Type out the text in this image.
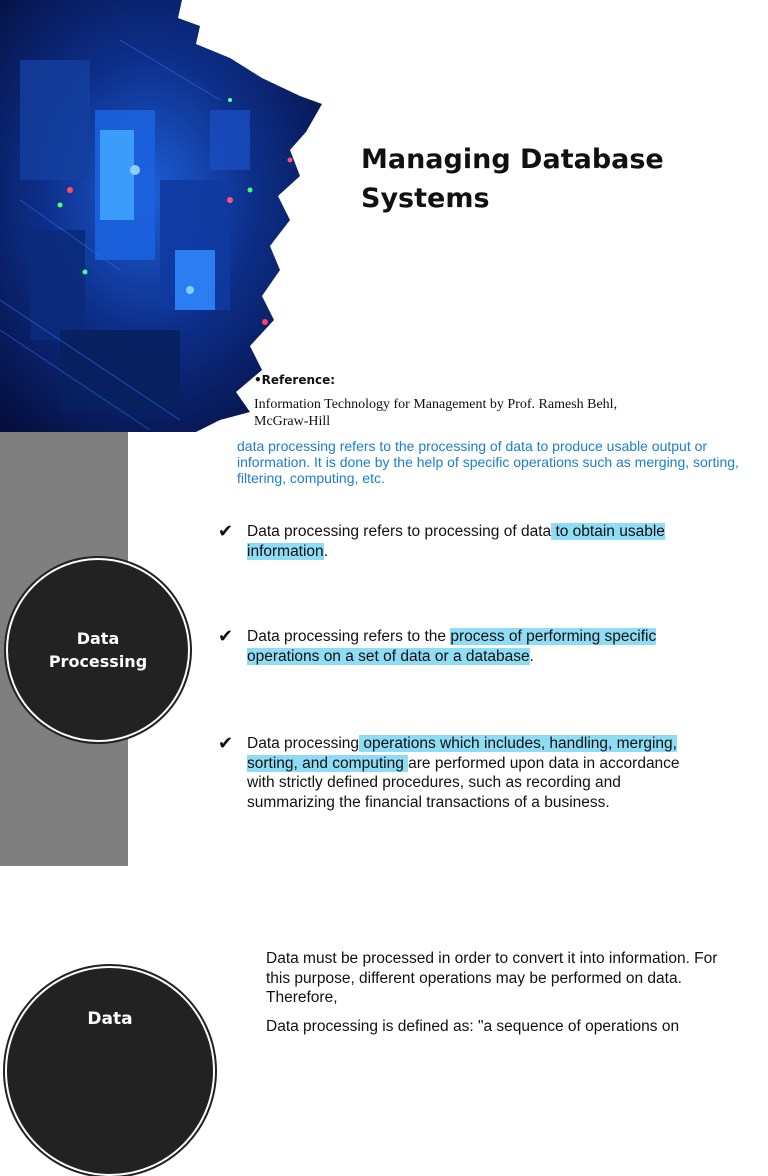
Managing Database
Systems
•Reference:
Information Technology for Management by Prof. Ramesh Behl,
McGraw-Hill
Data
Processing

data processing refers to the processing of data to produce usable output or information. It is done by the help of specific operations such as merging, sorting, filtering, computing, etc.

✔ Data processing refers to processing of data to obtain usable information.

✔ Data processing refers to the process of performing specific operations on a set of data or a database.

✔ Data processing operations which includes, handling, merging, sorting, and computing are performed upon data in accordance with strictly defined procedures, such as recording and summarizing the financial transactions of a business.

Data

Data must be processed in order to convert it into information. For this purpose, different operations may be performed on data. Therefore,

Data processing is defined as: "a sequence of operations on
